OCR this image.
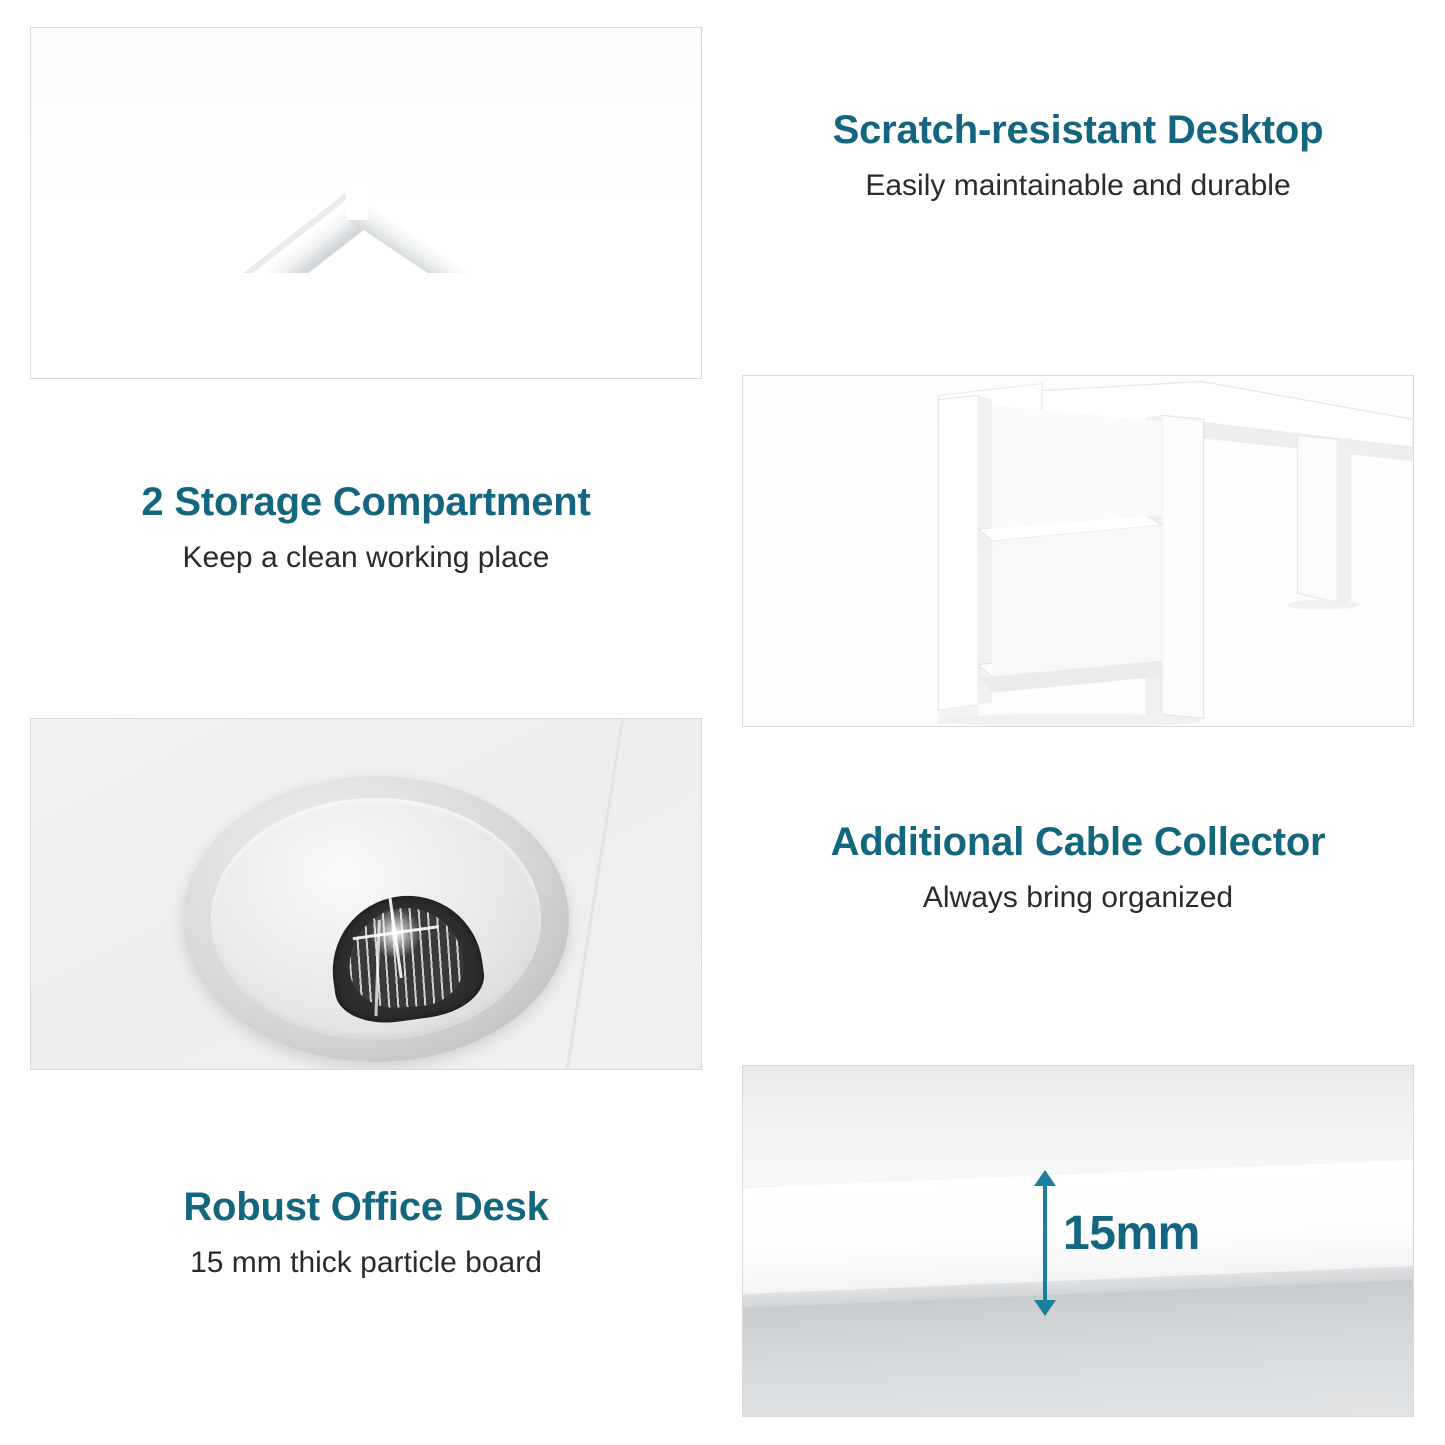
Scratch-resistant Desktop
Easily maintainable and durable
2 Storage Compartment
Keep a clean working place
Additional Cable Collector
Always bring organized
15mm
Robust Office Desk
15 mm thick particle board
